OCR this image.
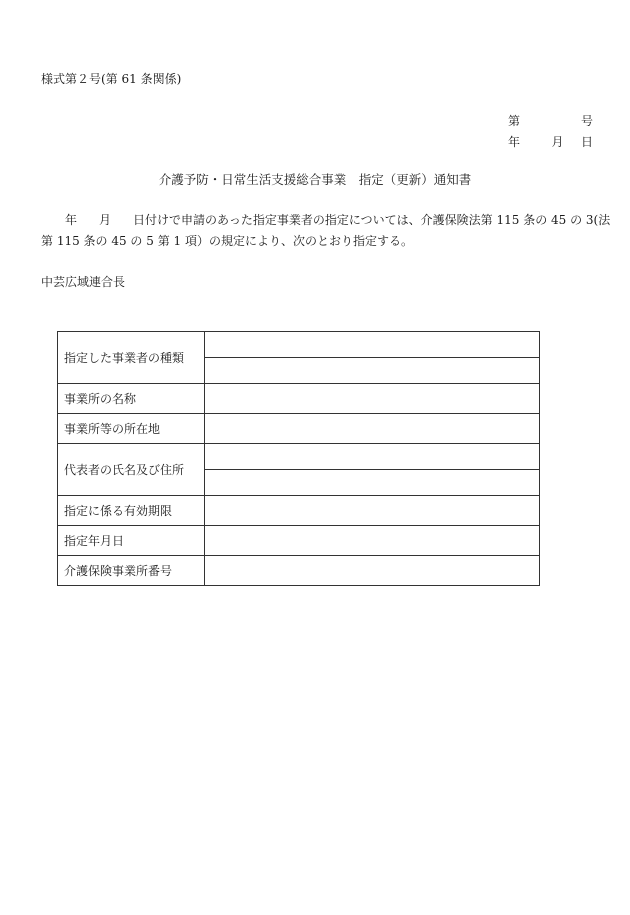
様式第２号(第 61 条関係)
第	号
年	月 日
介護予防・日常生活支援総合事業　指定（更新）通知書
年 月 日付けで申請のあった指定事業者の指定については、介護保険法第 115 条の 45 の 3(法
第 115 条の 45 の 5 第 1 項）の規定により、次のとおり指定する。
中芸広域連合長
指定した事業者の種類	

事業所の名称	
事業所等の所在地	
代表者の氏名及び住所	

指定に係る有効期限	
指定年月日	
介護保険事業所番号	
